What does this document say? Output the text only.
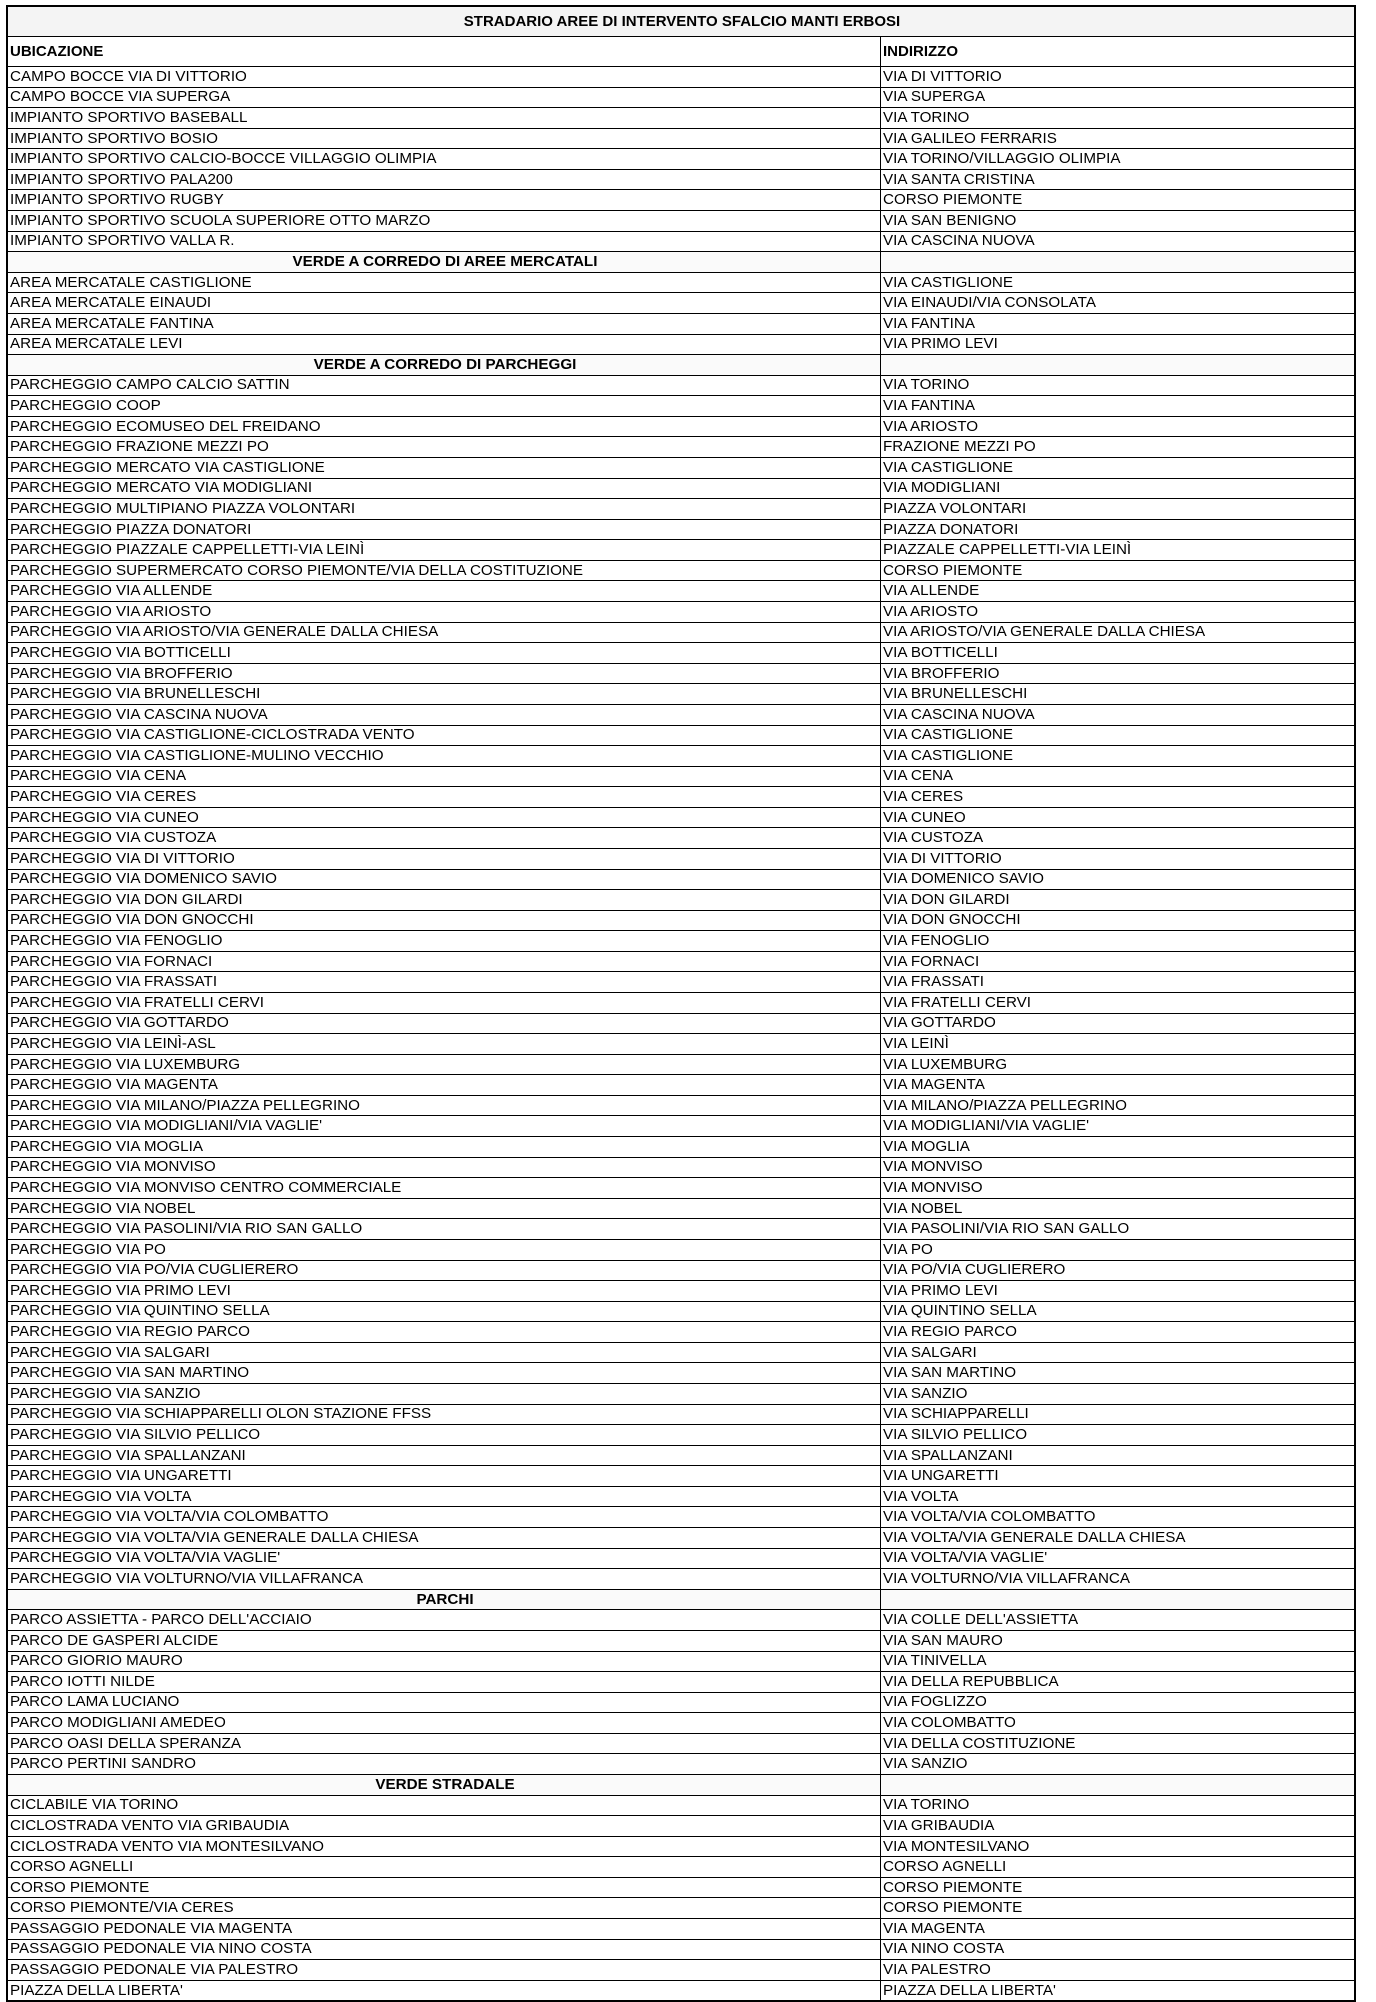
STRADARIO AREE DI INTERVENTO SFALCIO MANTI ERBOSI	
UBICAZIONE	INDIRIZZO
CAMPO BOCCE VIA DI VITTORIO	VIA DI VITTORIO
CAMPO BOCCE VIA SUPERGA	VIA SUPERGA
IMPIANTO SPORTIVO BASEBALL	VIA TORINO
IMPIANTO SPORTIVO BOSIO	VIA GALILEO FERRARIS
IMPIANTO SPORTIVO CALCIO-BOCCE VILLAGGIO OLIMPIA	VIA TORINO/VILLAGGIO OLIMPIA
IMPIANTO SPORTIVO PALA200	VIA SANTA CRISTINA
IMPIANTO SPORTIVO RUGBY	CORSO PIEMONTE
IMPIANTO SPORTIVO SCUOLA SUPERIORE OTTO MARZO	VIA SAN BENIGNO
IMPIANTO SPORTIVO VALLA R.	VIA CASCINA NUOVA
VERDE A CORREDO DI AREE MERCATALI	
AREA MERCATALE CASTIGLIONE	VIA CASTIGLIONE
AREA MERCATALE EINAUDI	VIA EINAUDI/VIA CONSOLATA
AREA MERCATALE FANTINA	VIA FANTINA
AREA MERCATALE LEVI	VIA PRIMO LEVI
VERDE A CORREDO DI PARCHEGGI	
PARCHEGGIO CAMPO CALCIO SATTIN	VIA TORINO
PARCHEGGIO COOP	VIA FANTINA
PARCHEGGIO ECOMUSEO DEL FREIDANO	VIA ARIOSTO
PARCHEGGIO FRAZIONE MEZZI PO	FRAZIONE MEZZI PO
PARCHEGGIO MERCATO VIA CASTIGLIONE	VIA CASTIGLIONE
PARCHEGGIO MERCATO VIA MODIGLIANI	VIA MODIGLIANI
PARCHEGGIO MULTIPIANO PIAZZA VOLONTARI	PIAZZA VOLONTARI
PARCHEGGIO PIAZZA DONATORI	PIAZZA DONATORI
PARCHEGGIO PIAZZALE CAPPELLETTI-VIA LEINÌ	PIAZZALE CAPPELLETTI-VIA LEINÌ
PARCHEGGIO SUPERMERCATO CORSO PIEMONTE/VIA DELLA COSTITUZIONE	CORSO PIEMONTE
PARCHEGGIO VIA ALLENDE	VIA ALLENDE
PARCHEGGIO VIA ARIOSTO	VIA ARIOSTO
PARCHEGGIO VIA ARIOSTO/VIA GENERALE DALLA CHIESA	VIA ARIOSTO/VIA GENERALE DALLA CHIESA
PARCHEGGIO VIA BOTTICELLI	VIA BOTTICELLI
PARCHEGGIO VIA BROFFERIO	VIA BROFFERIO
PARCHEGGIO VIA BRUNELLESCHI	VIA BRUNELLESCHI
PARCHEGGIO VIA CASCINA NUOVA	VIA CASCINA NUOVA
PARCHEGGIO VIA CASTIGLIONE-CICLOSTRADA VENTO	VIA CASTIGLIONE
PARCHEGGIO VIA CASTIGLIONE-MULINO VECCHIO	VIA CASTIGLIONE
PARCHEGGIO VIA CENA	VIA CENA
PARCHEGGIO VIA CERES	VIA CERES
PARCHEGGIO VIA CUNEO	VIA CUNEO
PARCHEGGIO VIA CUSTOZA	VIA CUSTOZA
PARCHEGGIO VIA DI VITTORIO	VIA DI VITTORIO
PARCHEGGIO VIA DOMENICO SAVIO	VIA DOMENICO SAVIO
PARCHEGGIO VIA DON GILARDI	VIA DON GILARDI
PARCHEGGIO VIA DON GNOCCHI	VIA DON GNOCCHI
PARCHEGGIO VIA FENOGLIO	VIA FENOGLIO
PARCHEGGIO VIA FORNACI	VIA FORNACI
PARCHEGGIO VIA FRASSATI	VIA FRASSATI
PARCHEGGIO VIA FRATELLI CERVI	VIA FRATELLI CERVI
PARCHEGGIO VIA GOTTARDO	VIA GOTTARDO
PARCHEGGIO VIA LEINÌ-ASL	VIA LEINÌ
PARCHEGGIO VIA LUXEMBURG	VIA LUXEMBURG
PARCHEGGIO VIA MAGENTA	VIA MAGENTA
PARCHEGGIO VIA MILANO/PIAZZA PELLEGRINO	VIA MILANO/PIAZZA PELLEGRINO
PARCHEGGIO VIA MODIGLIANI/VIA VAGLIE'	VIA MODIGLIANI/VIA VAGLIE'
PARCHEGGIO VIA MOGLIA	VIA MOGLIA
PARCHEGGIO VIA MONVISO	VIA MONVISO
PARCHEGGIO VIA MONVISO CENTRO COMMERCIALE	VIA MONVISO
PARCHEGGIO VIA NOBEL	VIA NOBEL
PARCHEGGIO VIA PASOLINI/VIA RIO SAN GALLO	VIA PASOLINI/VIA RIO SAN GALLO
PARCHEGGIO VIA PO	VIA PO
PARCHEGGIO VIA PO/VIA CUGLIERERO	VIA PO/VIA CUGLIERERO
PARCHEGGIO VIA PRIMO LEVI	VIA PRIMO LEVI
PARCHEGGIO VIA QUINTINO SELLA	VIA QUINTINO SELLA
PARCHEGGIO VIA REGIO PARCO	VIA REGIO PARCO
PARCHEGGIO VIA SALGARI	VIA SALGARI
PARCHEGGIO VIA SAN MARTINO	VIA SAN MARTINO
PARCHEGGIO VIA SANZIO	VIA SANZIO
PARCHEGGIO VIA SCHIAPPARELLI OLON STAZIONE FFSS	VIA SCHIAPPARELLI
PARCHEGGIO VIA SILVIO PELLICO	VIA SILVIO PELLICO
PARCHEGGIO VIA SPALLANZANI	VIA SPALLANZANI
PARCHEGGIO VIA UNGARETTI	VIA UNGARETTI
PARCHEGGIO VIA VOLTA	VIA VOLTA
PARCHEGGIO VIA VOLTA/VIA COLOMBATTO	VIA VOLTA/VIA COLOMBATTO
PARCHEGGIO VIA VOLTA/VIA GENERALE DALLA CHIESA	VIA VOLTA/VIA GENERALE DALLA CHIESA
PARCHEGGIO VIA VOLTA/VIA VAGLIE'	VIA VOLTA/VIA VAGLIE'
PARCHEGGIO VIA VOLTURNO/VIA VILLAFRANCA	VIA VOLTURNO/VIA VILLAFRANCA
PARCHI	
PARCO ASSIETTA - PARCO DELL'ACCIAIO	VIA COLLE DELL'ASSIETTA
PARCO DE GASPERI ALCIDE	VIA SAN MAURO
PARCO GIORIO MAURO	VIA TINIVELLA
PARCO IOTTI NILDE	VIA DELLA REPUBBLICA
PARCO LAMA LUCIANO	VIA FOGLIZZO
PARCO MODIGLIANI AMEDEO	VIA COLOMBATTO
PARCO OASI DELLA SPERANZA	VIA DELLA COSTITUZIONE
PARCO PERTINI SANDRO	VIA SANZIO
VERDE STRADALE	
CICLABILE VIA TORINO	VIA TORINO
CICLOSTRADA VENTO VIA GRIBAUDIA	VIA GRIBAUDIA
CICLOSTRADA VENTO VIA MONTESILVANO	VIA MONTESILVANO
CORSO AGNELLI	CORSO AGNELLI
CORSO PIEMONTE	CORSO PIEMONTE
CORSO PIEMONTE/VIA CERES	CORSO PIEMONTE
PASSAGGIO PEDONALE VIA MAGENTA	VIA MAGENTA
PASSAGGIO PEDONALE VIA NINO COSTA	VIA NINO COSTA
PASSAGGIO PEDONALE VIA PALESTRO	VIA PALESTRO
PIAZZA DELLA LIBERTA'	PIAZZA DELLA LIBERTA'
